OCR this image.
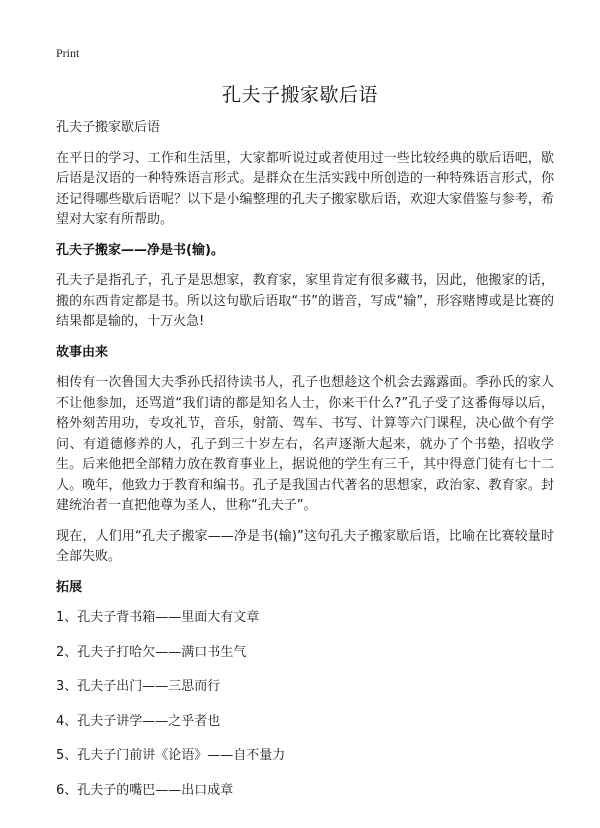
Print
孔夫子搬家歇后语

孔夫子搬家歇后语

在平日的学习、工作和生活里，大家都听说过或者使用过一些比较经典的歇后语吧，歇后语是汉语的一种特殊语言形式。是群众在生活实践中所创造的一种特殊语言形式，你还记得哪些歇后语呢？以下是小编整理的孔夫子搬家歇后语，欢迎大家借鉴与参考，希望对大家有所帮助。

孔夫子搬家——净是书(输)。

孔夫子是指孔子，孔子是思想家，教育家，家里肯定有很多藏书，因此，他搬家的话，搬的东西肯定都是书。所以这句歇后语取“书”的谐音，写成“输”，形容赌博或是比赛的结果都是输的，十万火急!

故事由来

相传有一次鲁国大夫季孙氏招待读书人，孔子也想趁这个机会去露露面。季孙氏的家人不让他参加，还骂道“我们请的都是知名人士，你来干什么?”孔子受了这番侮辱以后，格外刻苦用功，专攻礼节，音乐，射箭、驾车、书写、计算等六门课程，决心做个有学问、有道德修养的人，孔子到三十岁左右，名声逐渐大起来，就办了个书塾，招收学生。后来他把全部精力放在教育事业上，据说他的学生有三千，其中得意门徒有七十二人。晚年，他致力于教育和编书。孔子是我国古代著名的思想家，政治家、教育家。封建统治者一直把他尊为圣人，世称“孔夫子”。

现在，人们用“孔夫子搬家——净是书(输)”这句孔夫子搬家歇后语，比喻在比赛较量时全部失败。

拓展

1、孔夫子背书箱——里面大有文章
2、孔夫子打哈欠——满口书生气
3、孔夫子出门——三思而行
4、孔夫子讲学——之乎者也
5、孔夫子门前讲《论语》——自不量力
6、孔夫子的嘴巴——出口成章
